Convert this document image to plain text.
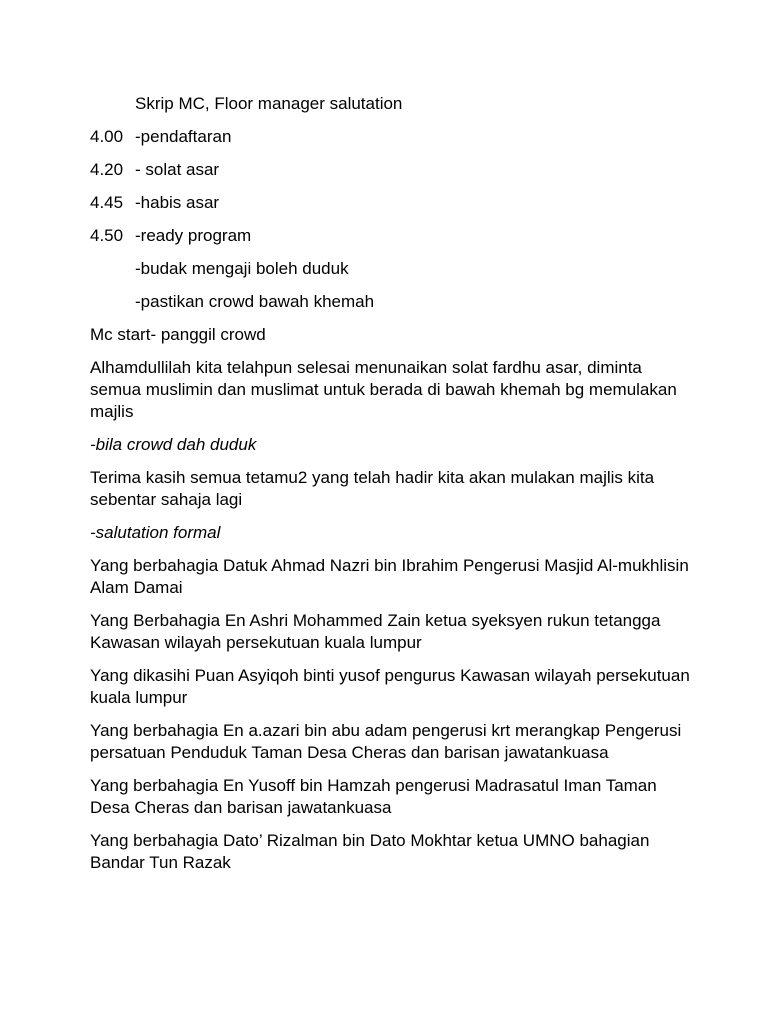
Skrip MC, Floor manager salutation
4.00 -pendaftaran
4.20 - solat asar
4.45 -habis asar
4.50 -ready program
-budak mengaji boleh duduk
-pastikan crowd bawah khemah

Mc start- panggil crowd

Alhamdullilah kita telahpun selesai menunaikan solat fardhu asar, diminta semua muslimin dan muslimat untuk berada di bawah khemah bg memulakan majlis

-bila crowd dah duduk

Terima kasih semua tetamu2 yang telah hadir kita akan mulakan majlis kita sebentar sahaja lagi

-salutation formal

Yang berbahagia Datuk Ahmad Nazri bin Ibrahim Pengerusi Masjid Al-mukhlisin Alam Damai

Yang Berbahagia En Ashri Mohammed Zain ketua syeksyen rukun tetangga Kawasan wilayah persekutuan kuala lumpur

Yang dikasihi Puan Asyiqoh binti yusof pengurus Kawasan wilayah persekutuan kuala lumpur

Yang berbahagia En a.azari bin abu adam pengerusi krt merangkap Pengerusi persatuan Penduduk Taman Desa Cheras dan barisan jawatankuasa

Yang berbahagia En Yusoff bin Hamzah pengerusi Madrasatul Iman Taman Desa Cheras dan barisan jawatankuasa

Yang berbahagia Dato’ Rizalman bin Dato Mokhtar ketua UMNO bahagian Bandar Tun Razak
